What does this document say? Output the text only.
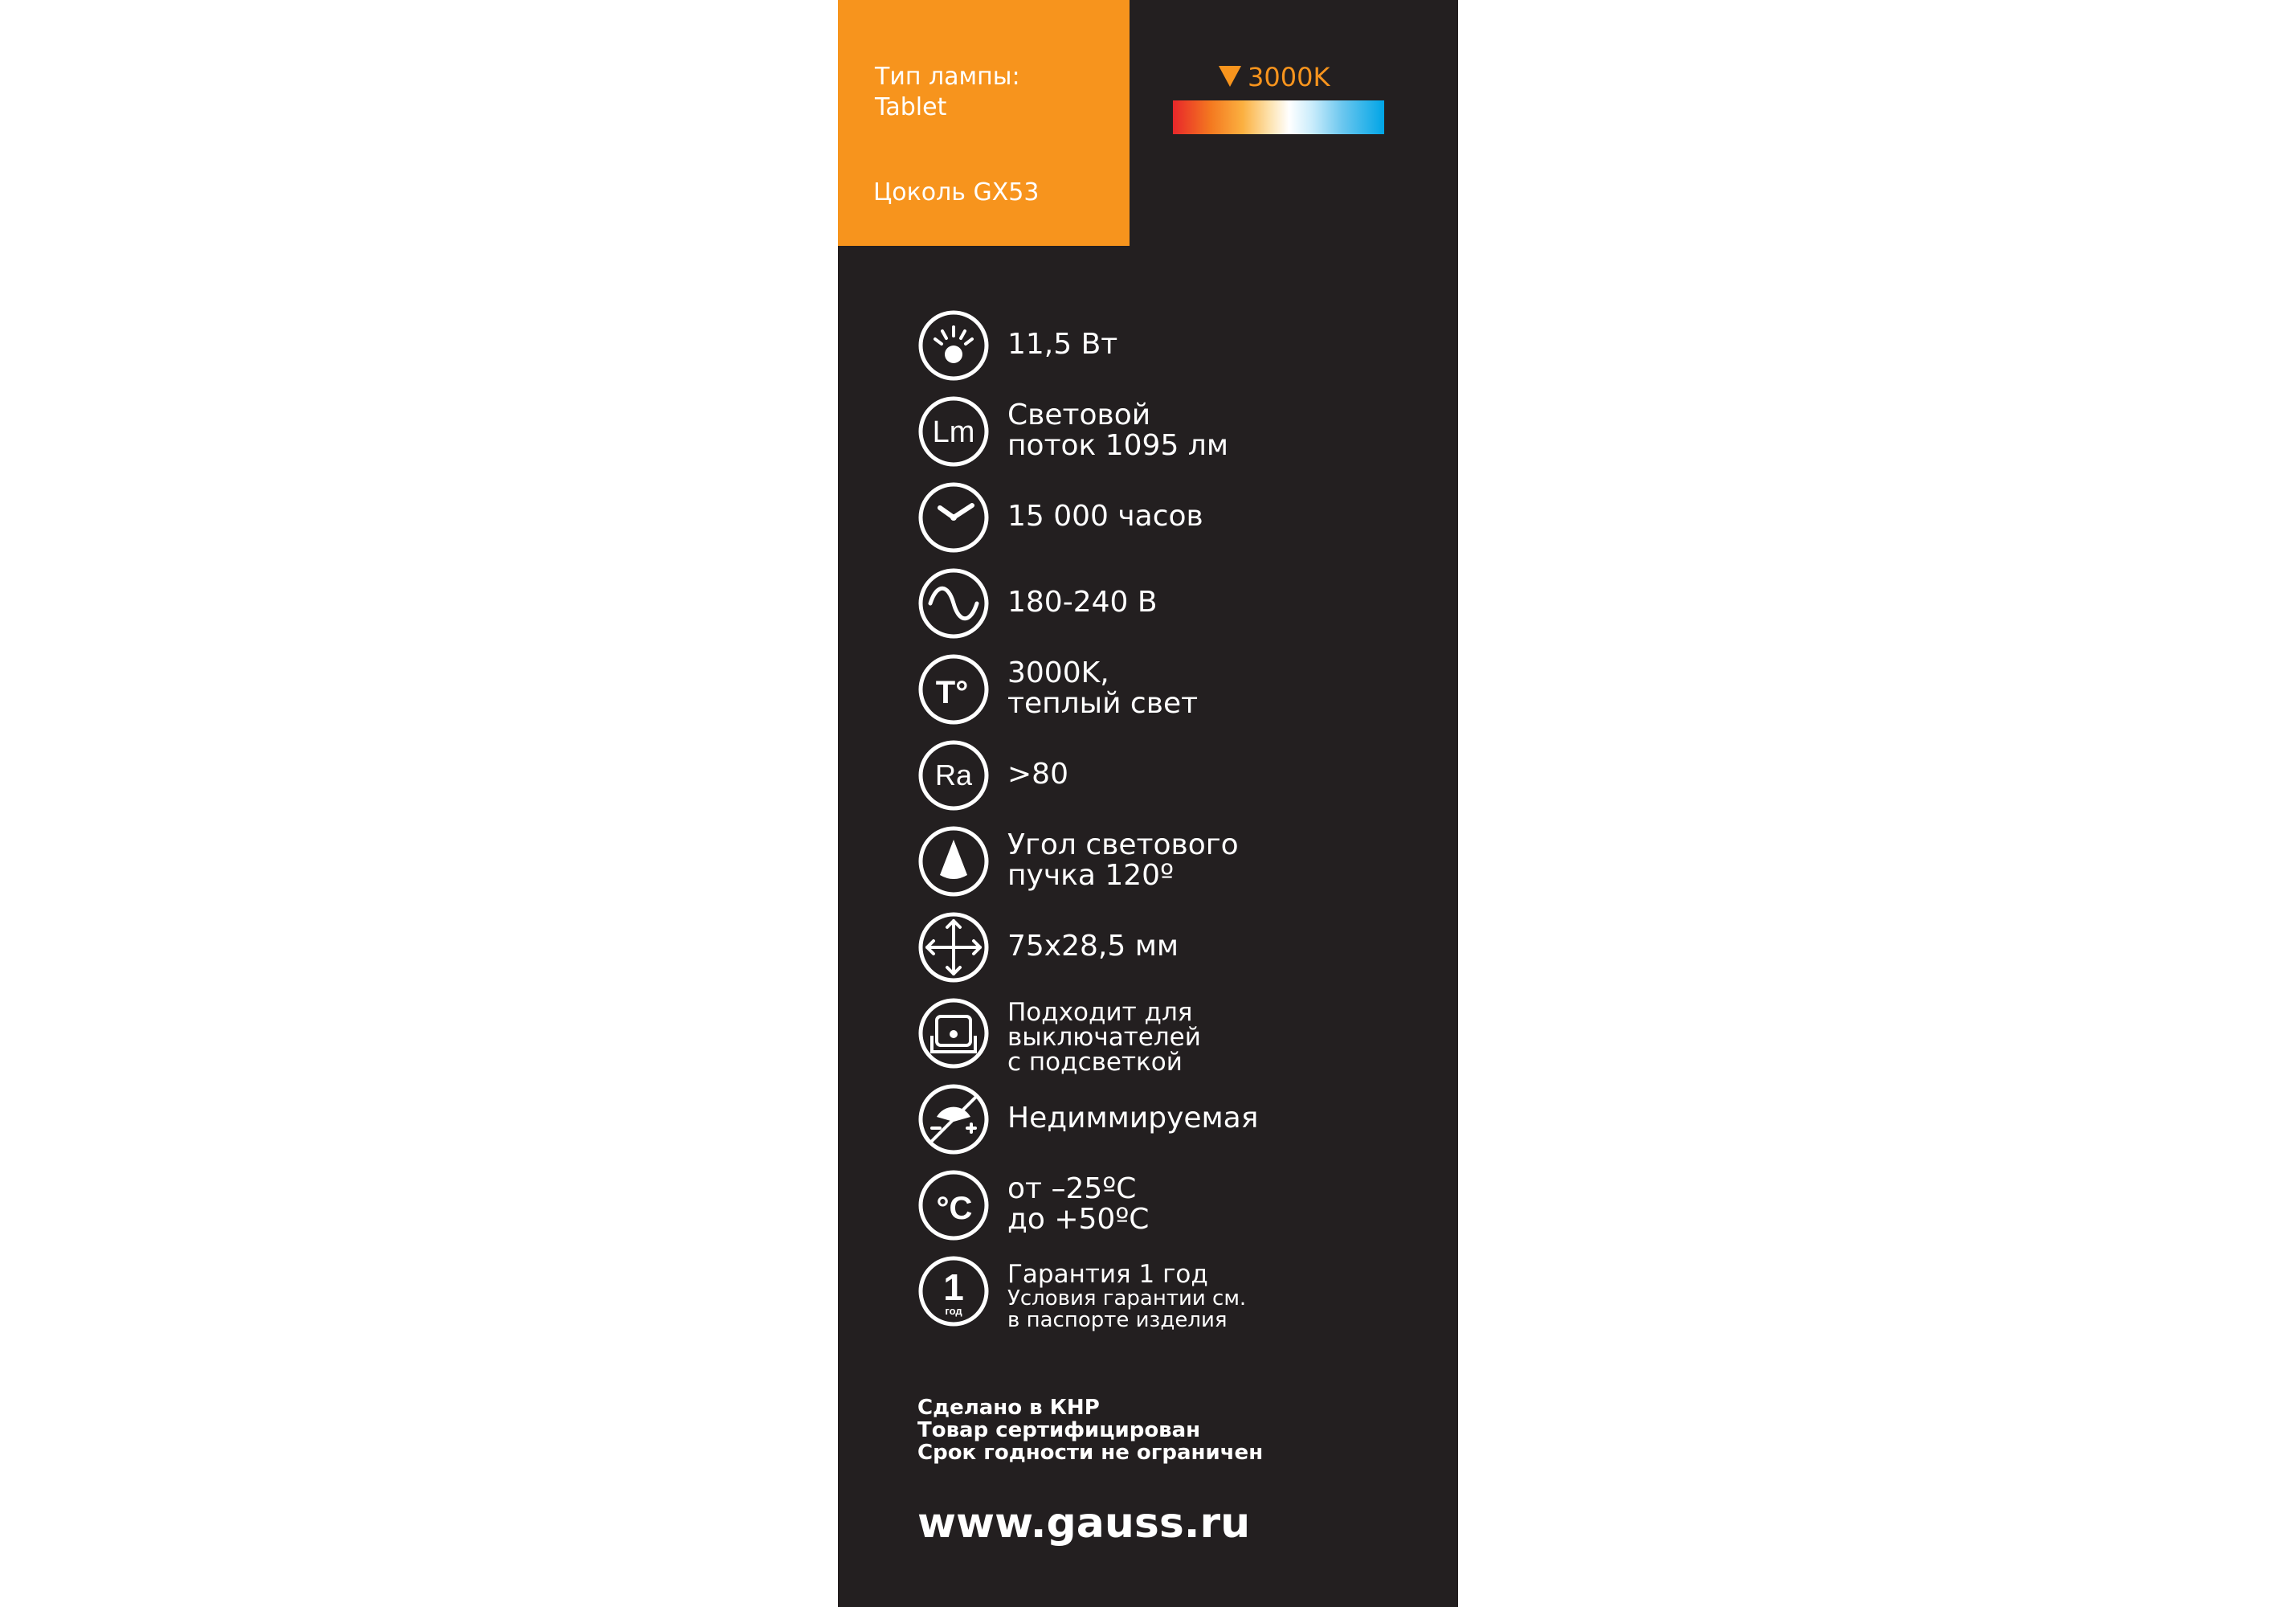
Тип лампы:
Tablet
Цоколь GX53
3000K
11,5 Вт
Lm
Световой
поток 1095 лм
15 000 часов
180-240 В
T°
3000K,
теплый свет
Ra >80
Угол светового
пучка 120º
75x28,5 мм
Подходит для
выключателей
с подсветкой
Недиммируемая
°C
от –25ºС
до +50ºС
1
год
Гарантия 1 год
Условия гарантии см.
в паспорте изделия
Сделано в КНР
Товар сертифицирован
Срок годности не ограничен
www.gauss.ru
